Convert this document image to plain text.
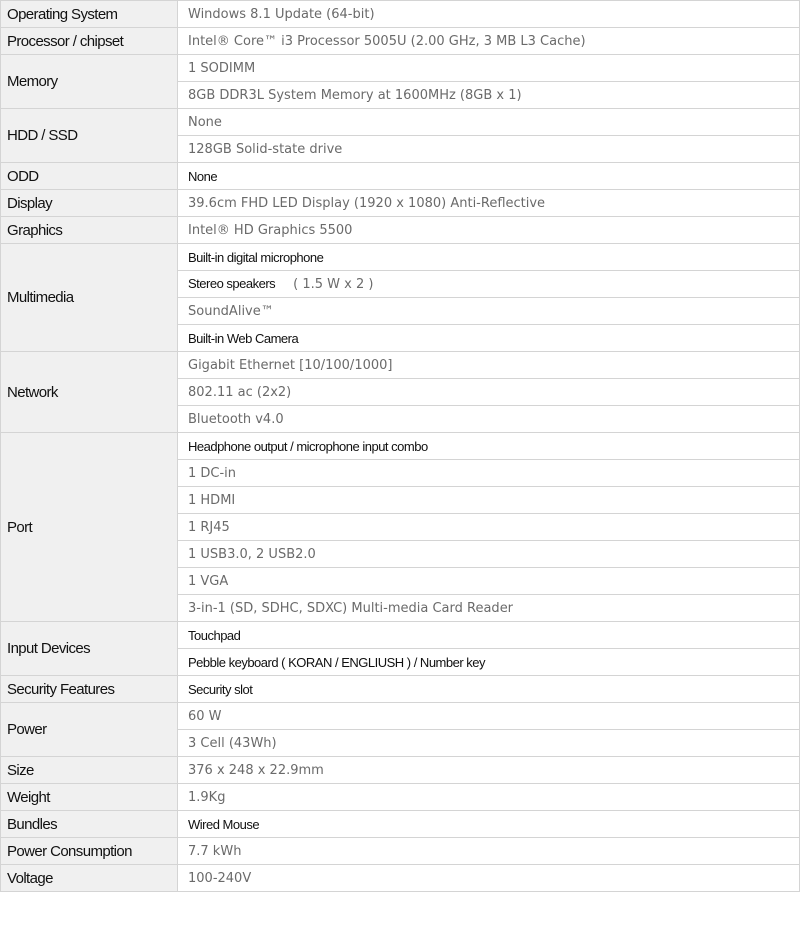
Operating System	Windows 8.1 Update (64-bit)
Processor / chipset	Intel® Core™ i3 Processor 5005U (2.00 GHz, 3 MB L3 Cache)
Memory	1 SODIMM
	8GB DDR3L System Memory at 1600MHz (8GB x 1)
HDD / SSD	None
	128GB Solid-state drive
ODD	None
Display	39.6cm FHD LED Display (1920 x 1080) Anti-Reflective
Graphics	Intel® HD Graphics 5500
Multimedia	Built-in digital microphone
	Stereo speakers ( 1.5 W x 2 )
	SoundAlive™
	Built-in Web Camera
Network	Gigabit Ethernet [10/100/1000]
	802.11 ac (2x2)
	Bluetooth v4.0
Port	Headphone output / microphone input combo
	1 DC-in
	1 HDMI
	1 RJ45
	1 USB3.0, 2 USB2.0
	1 VGA
	3-in-1 (SD, SDHC, SDXC) Multi-media Card Reader
Input Devices	Touchpad
	Pebble keyboard ( KORAN / ENGLIUSH ) / Number key
Security Features	Security slot
Power	60 W
	3 Cell (43Wh)
Size	376 x 248 x 22.9mm
Weight	1.9Kg
Bundles	Wired Mouse
Power Consumption	7.7 kWh
Voltage	100-240V
